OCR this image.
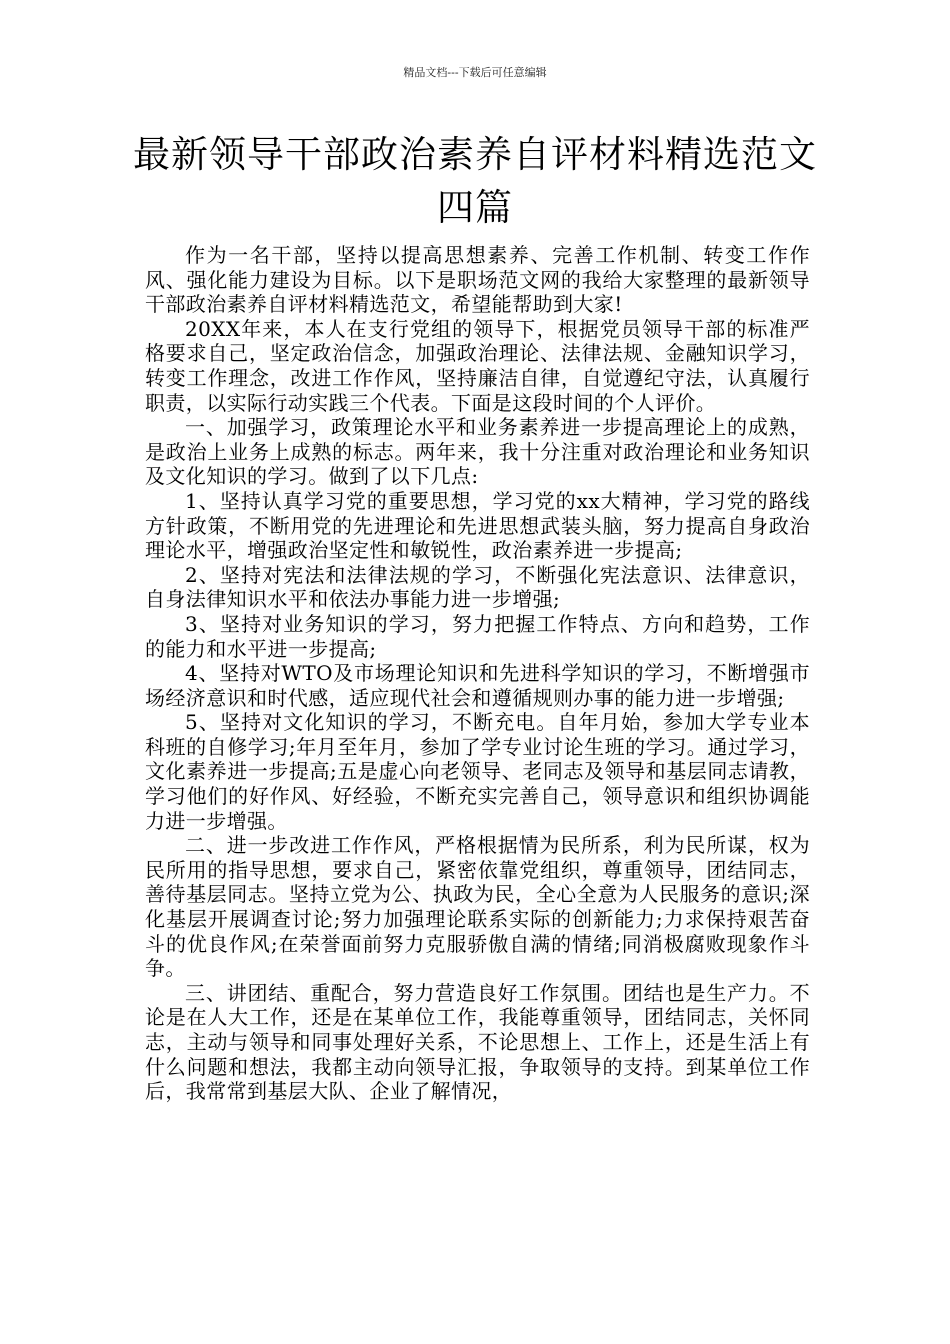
精品文档---下载后可任意编辑
最新领导干部政治素养自评材料精选范文四篇

作为一名干部，坚持以提高思想素养、完善工作机制、转变工作作风、强化能力建设为目标。以下是职场范文网的我给大家整理的最新领导干部政治素养自评材料精选范文，希望能帮助到大家!

20XX年来，本人在支行党组的领导下，根据党员领导干部的标准严格要求自己，坚定政治信念，加强政治理论、法律法规、金融知识学习，转变工作理念，改进工作作风，坚持廉洁自律，自觉遵纪守法，认真履行职责，以实际行动实践三个代表。下面是这段时间的个人评价。

一、加强学习，政策理论水平和业务素养进一步提高理论上的成熟，是政治上业务上成熟的标志。两年来，我十分注重对政治理论和业务知识及文化知识的学习。做到了以下几点:

1、坚持认真学习党的重要思想，学习党的xx大精神，学习党的路线方针政策，不断用党的先进理论和先进思想武装头脑，努力提高自身政治理论水平，增强政治坚定性和敏锐性，政治素养进一步提高;

2、坚持对宪法和法律法规的学习，不断强化宪法意识、法律意识，自身法律知识水平和依法办事能力进一步增强;

3、坚持对业务知识的学习，努力把握工作特点、方向和趋势，工作的能力和水平进一步提高;

4、坚持对WTO及市场理论知识和先进科学知识的学习，不断增强市场经济意识和时代感，适应现代社会和遵循规则办事的能力进一步增强;

5、坚持对文化知识的学习，不断充电。自年月始，参加大学专业本科班的自修学习;年月至年月，参加了学专业讨论生班的学习。通过学习，文化素养进一步提高;五是虚心向老领导、老同志及领导和基层同志请教，学习他们的好作风、好经验，不断充实完善自己，领导意识和组织协调能力进一步增强。

二、进一步改进工作作风，严格根据情为民所系，利为民所谋，权为民所用的指导思想，要求自己，紧密依靠党组织，尊重领导，团结同志，善待基层同志。坚持立党为公、执政为民，全心全意为人民服务的意识;深化基层开展调查讨论;努力加强理论联系实际的创新能力;力求保持艰苦奋斗的优良作风;在荣誉面前努力克服骄傲自满的情绪;同消极腐败现象作斗争。

三、讲团结、重配合，努力营造良好工作氛围。团结也是生产力。不论是在人大工作，还是在某单位工作，我能尊重领导，团结同志，关怀同志，主动与领导和同事处理好关系，不论思想上、工作上，还是生活上有什么问题和想法，我都主动向领导汇报，争取领导的支持。到某单位工作后，我常常到基层大队、企业了解情况，
